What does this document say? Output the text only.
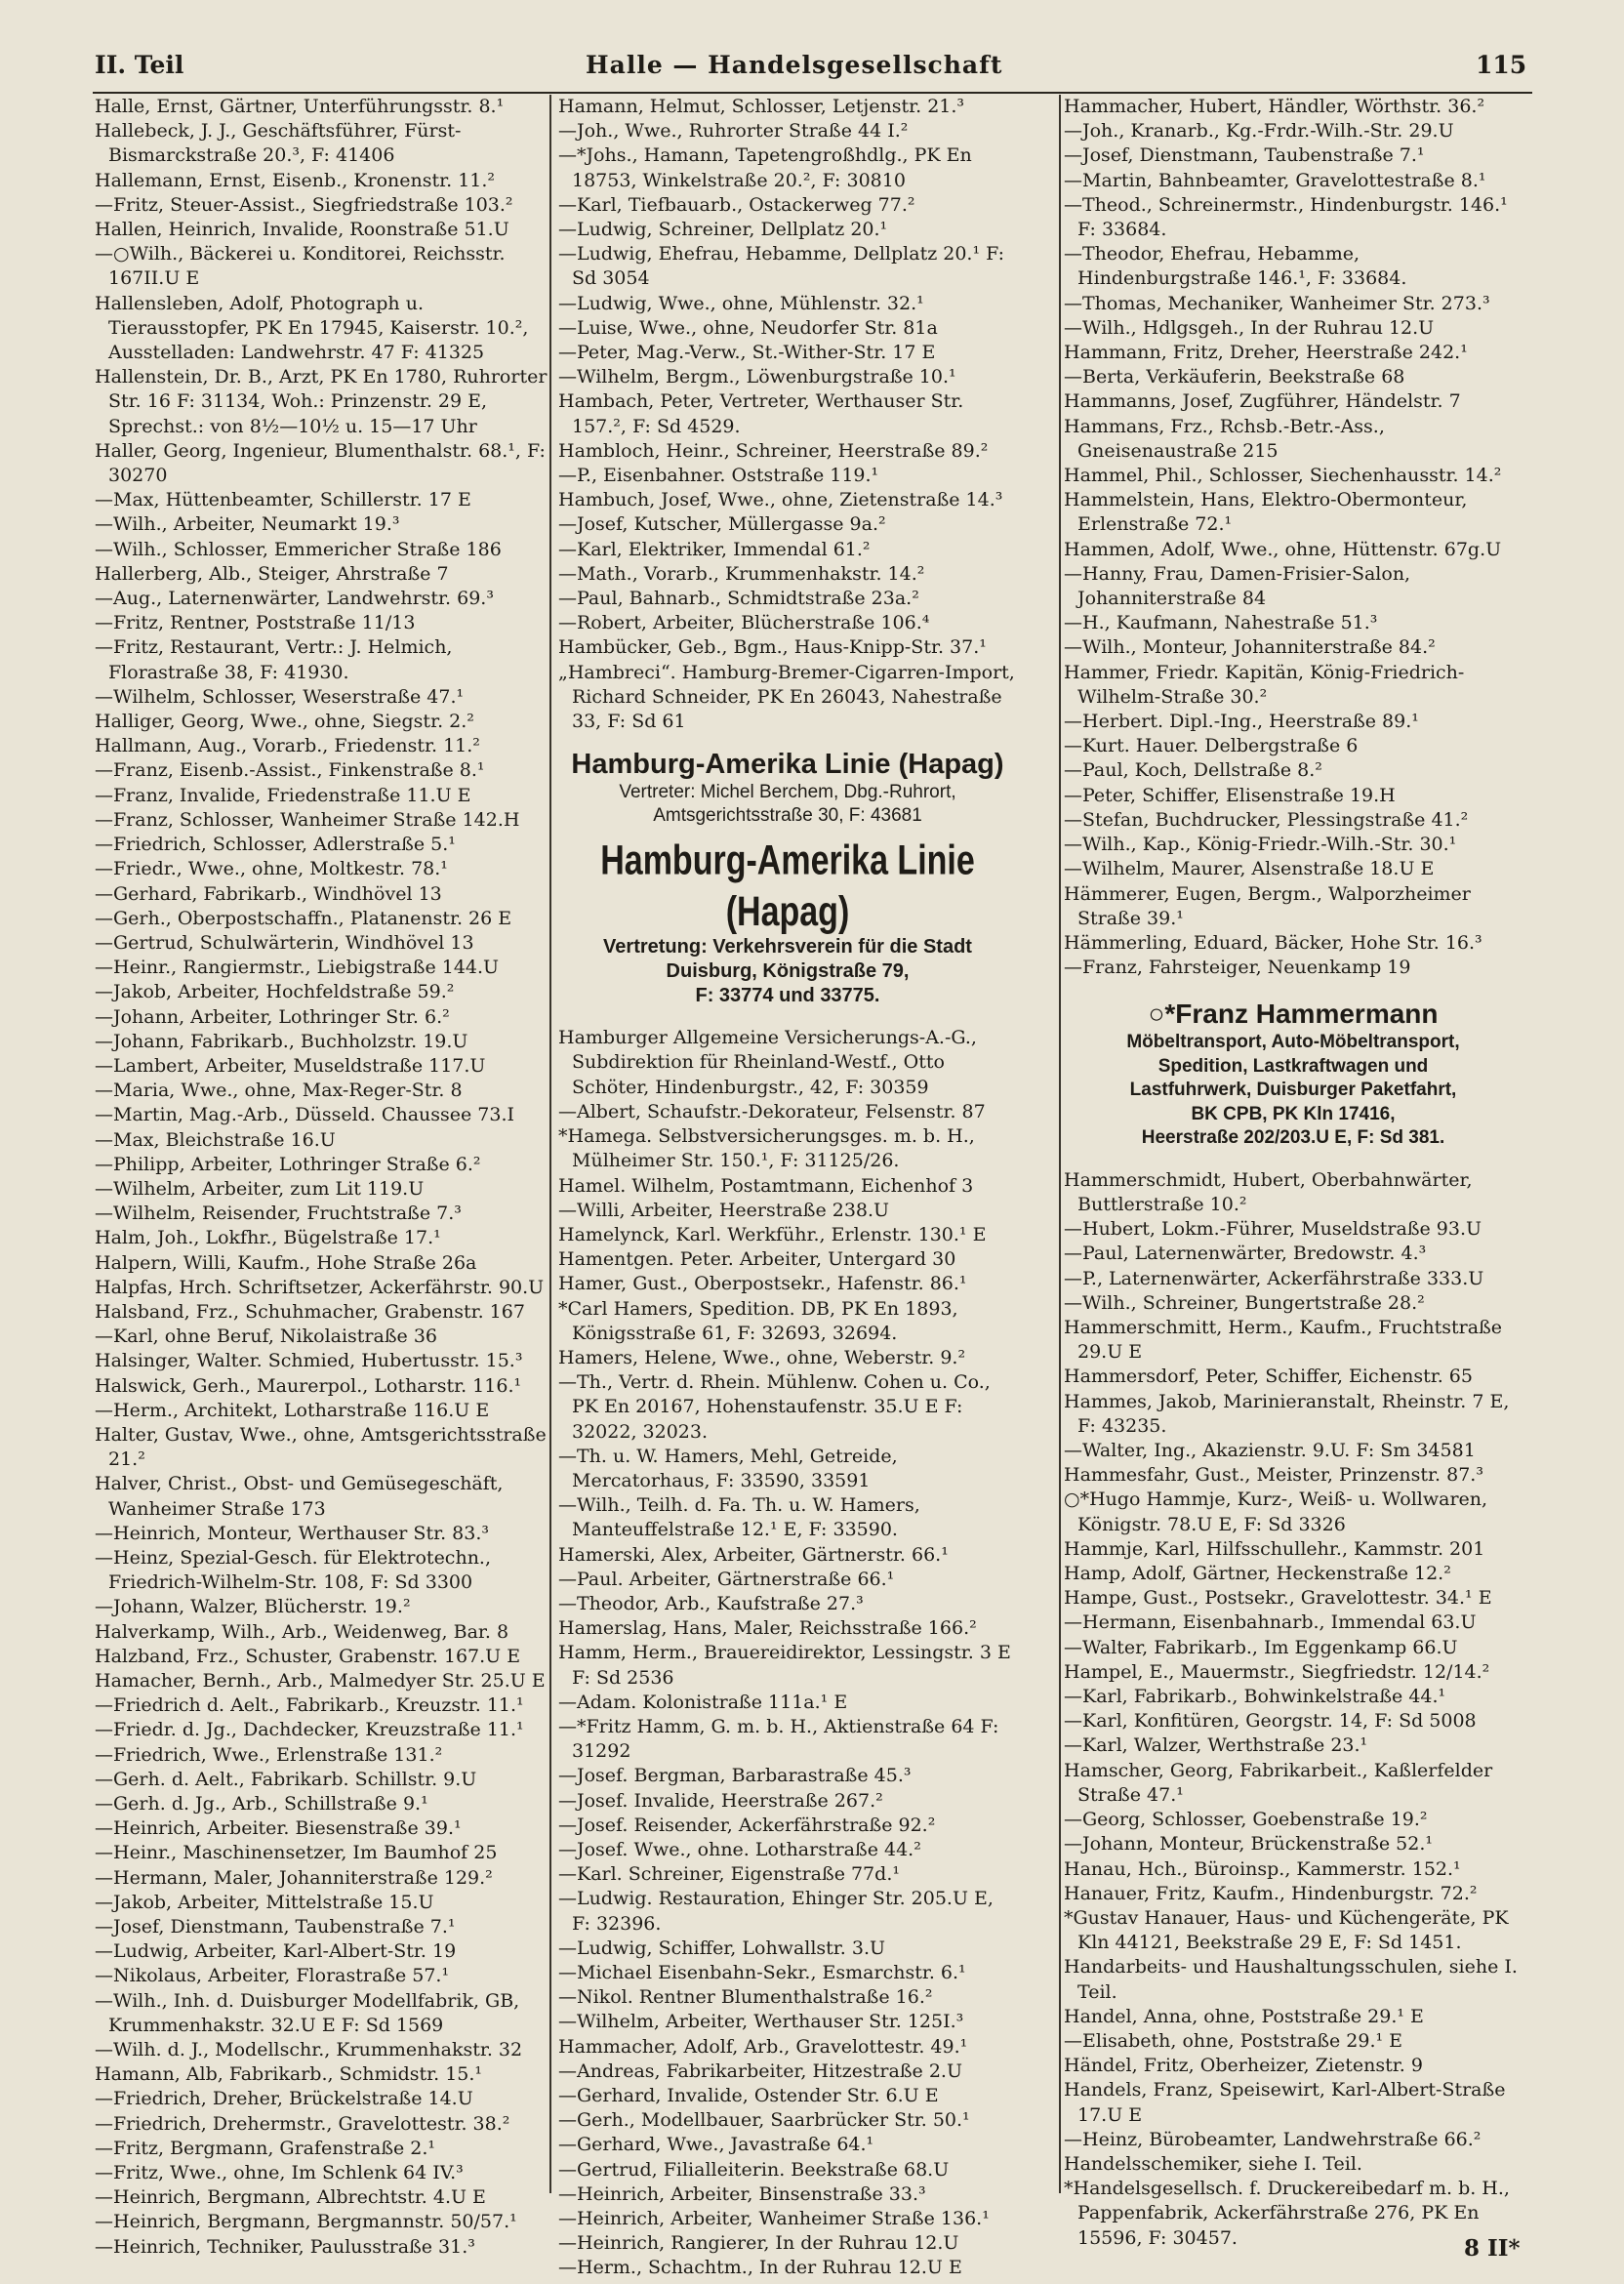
II. Teil	Halle — Handelsgesellschaft	115
Halle, Ernst, Gärtner, Unterführungsstr. 8.¹
Hallebeck, J. J., Geschäftsführer, Fürst-Bismarckstraße 20.³, F: 41406
Hallemann, Ernst, Eisenb., Kronenstr. 11.²
—Fritz, Steuer-Assist., Siegfriedstraße 103.²
Hallen, Heinrich, Invalide, Roonstraße 51.U
—○Wilh., Bäckerei u. Konditorei, Reichsstr. 167II.U E
Hallensleben, Adolf, Photograph u. Tierausstopfer, PK En 17945, Kaiserstr. 10.², Ausstelladen: Landwehrstr. 47 F: 41325
Hallenstein, Dr. B., Arzt, PK En 1780, Ruhrorter Str. 16 F: 31134, Woh.: Prinzenstr. 29 E, Sprechst.: von 8½—10½ u. 15—17 Uhr
Haller, Georg, Ingenieur, Blumenthalstr. 68.¹, F: 30270
—Max, Hüttenbeamter, Schillerstr. 17 E
—Wilh., Arbeiter, Neumarkt 19.³
—Wilh., Schlosser, Emmericher Straße 186
Hallerberg, Alb., Steiger, Ahrstraße 7
—Aug., Laternenwärter, Landwehrstr. 69.³
—Fritz, Rentner, Poststraße 11/13
—Fritz, Restaurant, Vertr.: J. Helmich, Florastraße 38, F: 41930.
—Wilhelm, Schlosser, Weserstraße 47.¹
Halliger, Georg, Wwe., ohne, Siegstr. 2.²
Hallmann, Aug., Vorarb., Friedenstr. 11.²
—Franz, Eisenb.-Assist., Finkenstraße 8.¹
—Franz, Invalide, Friedenstraße 11.U E
—Franz, Schlosser, Wanheimer Straße 142.H
—Friedrich, Schlosser, Adlerstraße 5.¹
—Friedr., Wwe., ohne, Moltkestr. 78.¹
—Gerhard, Fabrikarb., Windhövel 13
—Gerh., Oberpostschaffn., Platanenstr. 26 E
—Gertrud, Schulwärterin, Windhövel 13
—Heinr., Rangiermstr., Liebigstraße 144.U
—Jakob, Arbeiter, Hochfeldstraße 59.²
—Johann, Arbeiter, Lothringer Str. 6.²
—Johann, Fabrikarb., Buchholzstr. 19.U
—Lambert, Arbeiter, Museldstraße 117.U
—Maria, Wwe., ohne, Max-Reger-Str. 8
—Martin, Mag.-Arb., Düsseld. Chaussee 73.I
—Max, Bleichstraße 16.U
—Philipp, Arbeiter, Lothringer Straße 6.²
—Wilhelm, Arbeiter, zum Lit 119.U
—Wilhelm, Reisender, Fruchtstraße 7.³
Halm, Joh., Lokfhr., Bügelstraße 17.¹
Halpern, Willi, Kaufm., Hohe Straße 26a
Halpfas, Hrch. Schriftsetzer, Ackerfährstr. 90.U
Halsband, Frz., Schuhmacher, Grabenstr. 167
—Karl, ohne Beruf, Nikolaistraße 36
Halsinger, Walter. Schmied, Hubertusstr. 15.³
Halswick, Gerh., Maurerpol., Lotharstr. 116.¹
—Herm., Architekt, Lotharstraße 116.U E
Halter, Gustav, Wwe., ohne, Amtsgerichtsstraße 21.²
Halver, Christ., Obst- und Gemüsegeschäft, Wanheimer Straße 173
—Heinrich, Monteur, Werthauser Str. 83.³
—Heinz, Spezial-Gesch. für Elektrotechn., Friedrich-Wilhelm-Str. 108, F: Sd 3300
—Johann, Walzer, Blücherstr. 19.²
Halverkamp, Wilh., Arb., Weidenweg, Bar. 8
Halzband, Frz., Schuster, Grabenstr. 167.U E
Hamacher, Bernh., Arb., Malmedyer Str. 25.U E
—Friedrich d. Aelt., Fabrikarb., Kreuzstr. 11.¹
—Friedr. d. Jg., Dachdecker, Kreuzstraße 11.¹
—Friedrich, Wwe., Erlenstraße 131.²
—Gerh. d. Aelt., Fabrikarb. Schillstr. 9.U
—Gerh. d. Jg., Arb., Schillstraße 9.¹
—Heinrich, Arbeiter. Biesenstraße 39.¹
—Heinr., Maschinensetzer, Im Baumhof 25
—Hermann, Maler, Johanniterstraße 129.²
—Jakob, Arbeiter, Mittelstraße 15.U
—Josef, Dienstmann, Taubenstraße 7.¹
—Ludwig, Arbeiter, Karl-Albert-Str. 19
—Nikolaus, Arbeiter, Florastraße 57.¹
—Wilh., Inh. d. Duisburger Modellfabrik, GB, Krummenhakstr. 32.U E F: Sd 1569
—Wilh. d. J., Modellschr., Krummenhakstr. 32
Hamann, Alb, Fabrikarb., Schmidstr. 15.¹
—Friedrich, Dreher, Brückelstraße 14.U
—Friedrich, Drehermstr., Gravelottestr. 38.²
—Fritz, Bergmann, Grafenstraße 2.¹
—Fritz, Wwe., ohne, Im Schlenk 64 IV.³
—Heinrich, Bergmann, Albrechtstr. 4.U E
—Heinrich, Bergmann, Bergmannstr. 50/57.¹
—Heinrich, Techniker, Paulusstraße 31.³
Hamann, Helmut, Schlosser, Letjenstr. 21.³
—Joh., Wwe., Ruhrorter Straße 44 I.²
—*Johs., Hamann, Tapetengroßhdlg., PK En 18753, Winkelstraße 20.², F: 30810
—Karl, Tiefbauarb., Ostackerweg 77.²
—Ludwig, Schreiner, Dellplatz 20.¹
—Ludwig, Ehefrau, Hebamme, Dellplatz 20.¹ F: Sd 3054
—Ludwig, Wwe., ohne, Mühlenstr. 32.¹
—Luise, Wwe., ohne, Neudorfer Str. 81a
—Peter, Mag.-Verw., St.-Wither-Str. 17 E
—Wilhelm, Bergm., Löwenburgstraße 10.¹
Hambach, Peter, Vertreter, Werthauser Str. 157.², F: Sd 4529.
Hambloch, Heinr., Schreiner, Heerstraße 89.²
—P., Eisenbahner. Oststraße 119.¹
Hambuch, Josef, Wwe., ohne, Zietenstraße 14.³
—Josef, Kutscher, Müllergasse 9a.²
—Karl, Elektriker, Immendal 61.²
—Math., Vorarb., Krummenhakstr. 14.²
—Paul, Bahnarb., Schmidtstraße 23a.²
—Robert, Arbeiter, Blücherstraße 106.⁴
Hambücker, Geb., Bgm., Haus-Knipp-Str. 37.¹
„Hambreci“. Hamburg-Bremer-Cigarren-Import, Richard Schneider, PK En 26043, Nahestraße 33, F: Sd 61
Hamburg-Amerika Linie (Hapag)
Vertreter: Michel Berchem, Dbg.-Ruhrort,
Amtsgerichtsstraße 30, F: 43681
Hamburg-Amerika Linie (Hapag)
Vertretung: Verkehrsverein für die Stadt
Duisburg, Königstraße 79,
F: 33774 und 33775.
Hamburger Allgemeine Versicherungs-A.-G., Subdirektion für Rheinland-Westf., Otto Schöter, Hindenburgstr., 42, F: 30359
—Albert, Schaufstr.-Dekorateur, Felsenstr. 87
*Hamega. Selbstversicherungsges. m. b. H., Mülheimer Str. 150.¹, F: 31125/26.
Hamel. Wilhelm, Postamtmann, Eichenhof 3
—Willi, Arbeiter, Heerstraße 238.U
Hamelynck, Karl. Werkführ., Erlenstr. 130.¹ E
Hamentgen. Peter. Arbeiter, Untergard 30
Hamer, Gust., Oberpostsekr., Hafenstr. 86.¹
*Carl Hamers, Spedition. DB, PK En 1893, Königsstraße 61, F: 32693, 32694.
Hamers, Helene, Wwe., ohne, Weberstr. 9.²
—Th., Vertr. d. Rhein. Mühlenw. Cohen u. Co., PK En 20167, Hohenstaufenstr. 35.U E F: 32022, 32023.
—Th. u. W. Hamers, Mehl, Getreide, Mercatorhaus, F: 33590, 33591
—Wilh., Teilh. d. Fa. Th. u. W. Hamers, Manteuffelstraße 12.¹ E, F: 33590.
Hamerski, Alex, Arbeiter, Gärtnerstr. 66.¹
—Paul. Arbeiter, Gärtnerstraße 66.¹
—Theodor, Arb., Kaufstraße 27.³
Hamerslag, Hans, Maler, Reichsstraße 166.²
Hamm, Herm., Brauereidirektor, Lessingstr. 3 E F: Sd 2536
—Adam. Kolonistraße 111a.¹ E
—*Fritz Hamm, G. m. b. H., Aktienstraße 64 F: 31292
—Josef. Bergman, Barbarastraße 45.³
—Josef. Invalide, Heerstraße 267.²
—Josef. Reisender, Ackerfährstraße 92.²
—Josef. Wwe., ohne. Lotharstraße 44.²
—Karl. Schreiner, Eigenstraße 77d.¹
—Ludwig. Restauration, Ehinger Str. 205.U E, F: 32396.
—Ludwig, Schiffer, Lohwallstr. 3.U
—Michael Eisenbahn-Sekr., Esmarchstr. 6.¹
—Nikol. Rentner Blumenthalstraße 16.²
—Wilhelm, Arbeiter, Werthauser Str. 125I.³
Hammacher, Adolf, Arb., Gravelottestr. 49.¹
—Andreas, Fabrikarbeiter, Hitzestraße 2.U
—Gerhard, Invalide, Ostender Str. 6.U E
—Gerh., Modellbauer, Saarbrücker Str. 50.¹
—Gerhard, Wwe., Javastraße 64.¹
—Gertrud, Filialleiterin. Beekstraße 68.U
—Heinrich, Arbeiter, Binsenstraße 33.³
—Heinrich, Arbeiter, Wanheimer Straße 136.¹
—Heinrich, Rangierer, In der Ruhrau 12.U
—Herm., Schachtm., In der Ruhrau 12.U E
Hammacher, Hubert, Händler, Wörthstr. 36.²
—Joh., Kranarb., Kg.-Frdr.-Wilh.-Str. 29.U
—Josef, Dienstmann, Taubenstraße 7.¹
—Martin, Bahnbeamter, Gravelottestraße 8.¹
—Theod., Schreinermstr., Hindenburgstr. 146.¹ F: 33684.
—Theodor, Ehefrau, Hebamme, Hindenburgstraße 146.¹, F: 33684.
—Thomas, Mechaniker, Wanheimer Str. 273.³
—Wilh., Hdlgsgeh., In der Ruhrau 12.U
Hammann, Fritz, Dreher, Heerstraße 242.¹
—Berta, Verkäuferin, Beekstraße 68
Hammanns, Josef, Zugführer, Händelstr. 7
Hammans, Frz., Rchsb.-Betr.-Ass., Gneisenaustraße 215
Hammel, Phil., Schlosser, Siechenhausstr. 14.²
Hammelstein, Hans, Elektro-Obermonteur, Erlenstraße 72.¹
Hammen, Adolf, Wwe., ohne, Hüttenstr. 67g.U
—Hanny, Frau, Damen-Frisier-Salon, Johanniterstraße 84
—H., Kaufmann, Nahestraße 51.³
—Wilh., Monteur, Johanniterstraße 84.²
Hammer, Friedr. Kapitän, König-Friedrich-Wilhelm-Straße 30.²
—Herbert. Dipl.-Ing., Heerstraße 89.¹
—Kurt. Hauer. Delbergstraße 6
—Paul, Koch, Dellstraße 8.²
—Peter, Schiffer, Elisenstraße 19.H
—Stefan, Buchdrucker, Plessingstraße 41.²
—Wilh., Kap., König-Friedr.-Wilh.-Str. 30.¹
—Wilhelm, Maurer, Alsenstraße 18.U E
Hämmerer, Eugen, Bergm., Walporzheimer Straße 39.¹
Hämmerling, Eduard, Bäcker, Hohe Str. 16.³
—Franz, Fahrsteiger, Neuenkamp 19
○*Franz Hammermann
Möbeltransport, Auto-Möbeltransport,
Spedition, Lastkraftwagen und
Lastfuhrwerk, Duisburger Paketfahrt,
BK CPB, PK Kln 17416,
Heerstraße 202/203.U E, F: Sd 381.
Hammerschmidt, Hubert, Oberbahnwärter, Buttlerstraße 10.²
—Hubert, Lokm.-Führer, Museldstraße 93.U
—Paul, Laternenwärter, Bredowstr. 4.³
—P., Laternenwärter, Ackerfährstraße 333.U
—Wilh., Schreiner, Bungertstraße 28.²
Hammerschmitt, Herm., Kaufm., Fruchtstraße 29.U E
Hammersdorf, Peter, Schiffer, Eichenstr. 65
Hammes, Jakob, Marinieranstalt, Rheinstr. 7 E, F: 43235.
—Walter, Ing., Akazienstr. 9.U. F: Sm 34581
Hammesfahr, Gust., Meister, Prinzenstr. 87.³
○*Hugo Hammje, Kurz-, Weiß- u. Wollwaren, Königstr. 78.U E, F: Sd 3326
Hammje, Karl, Hilfsschullehr., Kammstr. 201
Hamp, Adolf, Gärtner, Heckenstraße 12.²
Hampe, Gust., Postsekr., Gravelottestr. 34.¹ E
—Hermann, Eisenbahnarb., Immendal 63.U
—Walter, Fabrikarb., Im Eggenkamp 66.U
Hampel, E., Mauermstr., Siegfriedstr. 12/14.²
—Karl, Fabrikarb., Bohwinkelstraße 44.¹
—Karl, Konfitüren, Georgstr. 14, F: Sd 5008
—Karl, Walzer, Werthstraße 23.¹
Hamscher, Georg, Fabrikarbeit., Kaßlerfelder Straße 47.¹
—Georg, Schlosser, Goebenstraße 19.²
—Johann, Monteur, Brückenstraße 52.¹
Hanau, Hch., Büroinsp., Kammerstr. 152.¹
Hanauer, Fritz, Kaufm., Hindenburgstr. 72.²
*Gustav Hanauer, Haus- und Küchengeräte, PK Kln 44121, Beekstraße 29 E, F: Sd 1451.
Handarbeits- und Haushaltungsschulen, siehe I. Teil.
Handel, Anna, ohne, Poststraße 29.¹ E
—Elisabeth, ohne, Poststraße 29.¹ E
Händel, Fritz, Oberheizer, Zietenstr. 9
Handels, Franz, Speisewirt, Karl-Albert-Straße 17.U E
—Heinz, Bürobeamter, Landwehrstraße 66.²
Handelsschemiker, siehe I. Teil.
*Handelsgesellsch. f. Druckereibedarf m. b. H., Pappenfabrik, Ackerfährstraße 276, PK En 15596, F: 30457.	8 II*
